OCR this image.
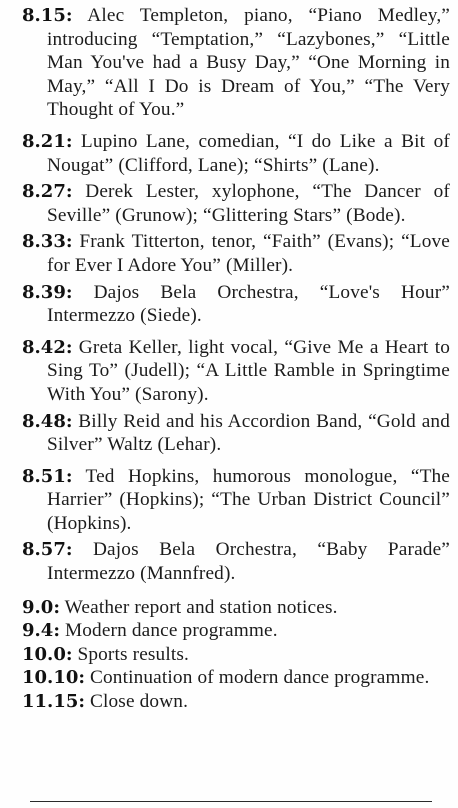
8.15: Alec Templeton, piano, “Piano Medley,” introducing “Temptation,” “Lazybones,” “Little Man You've had a Busy Day,” “One Morning in May,” “All I Do is Dream of You,” “The Very Thought of You.”

8.21: Lupino Lane, comedian, “I do Like a Bit of Nougat” (Clifford, Lane); “Shirts” (Lane).

8.27: Derek Lester, xylophone, “The Dancer of Seville” (Grunow); “Glittering Stars” (Bode).

8.33: Frank Titterton, tenor, “Faith” (Evans); “Love for Ever I Adore You” (Miller).

8.39: Dajos Bela Orchestra, “Love's Hour” Intermezzo (Siede).

8.42: Greta Keller, light vocal, “Give Me a Heart to Sing To” (Judell); “A Little Ramble in Springtime With You” (Sarony).

8.48: Billy Reid and his Accordion Band, “Gold and Silver” Waltz (Lehar).

8.51: Ted Hopkins, humorous monologue, “The Harrier” (Hopkins); “The Urban District Council” (Hopkins).

8.57: Dajos Bela Orchestra, “Baby Parade” Intermezzo (Mannfred).

9.0: Weather report and station notices.

9.4: Modern dance programme.

10.0: Sports results.

10.10: Continuation of modern dance programme.

11.15: Close down.
